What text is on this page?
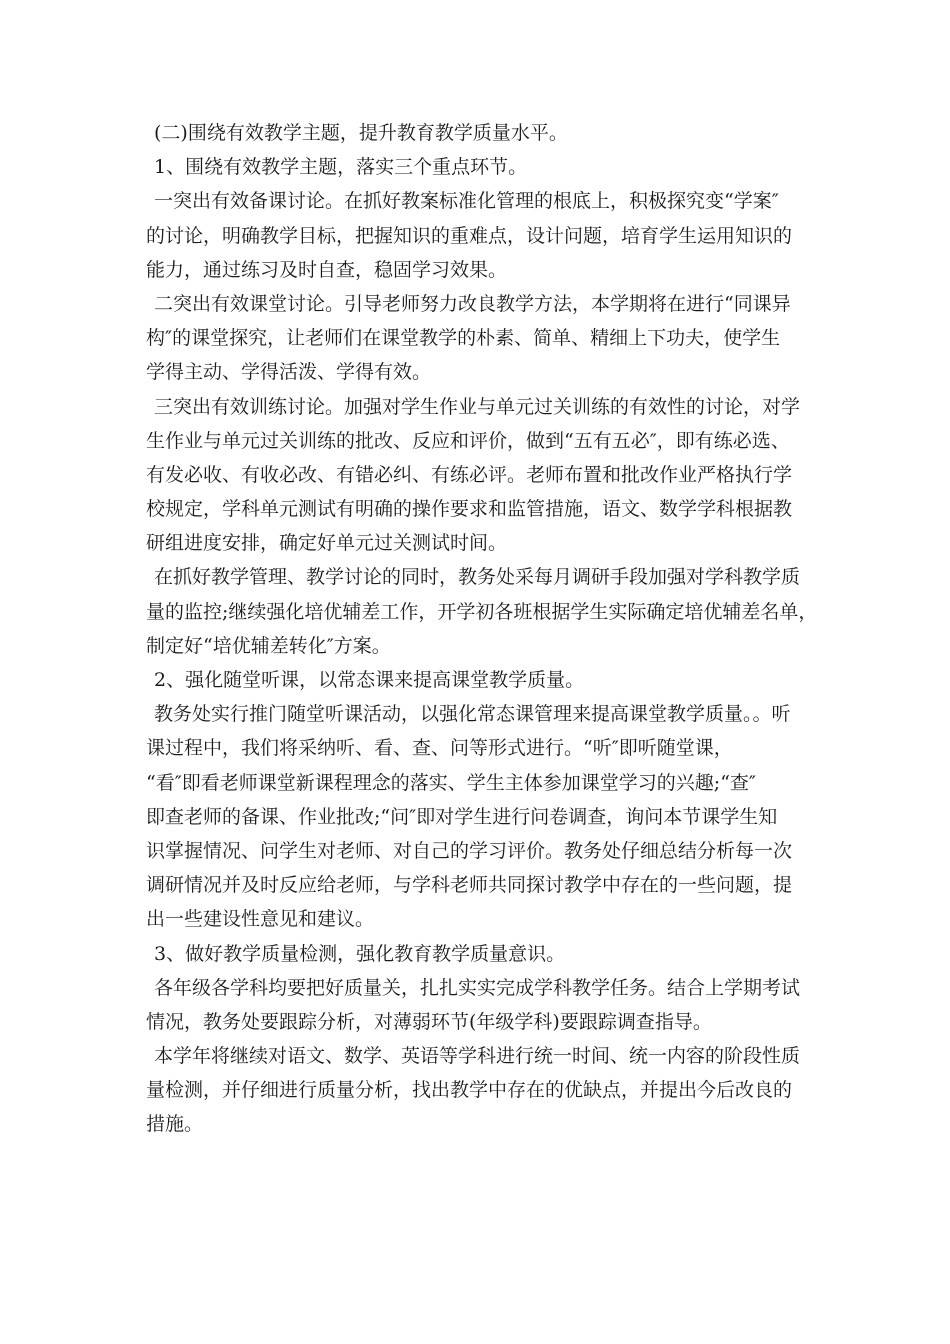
(二)围绕有效教学主题，提升教育教学质量水平。
1、围绕有效教学主题，落实三个重点环节。
一突出有效备课讨论。在抓好教案标准化管理的根底上，积极探究变“学案″
的讨论，明确教学目标，把握知识的重难点，设计问题，培育学生运用知识的
能力，通过练习及时自查，稳固学习效果。
二突出有效课堂讨论。引导老师努力改良教学方法，本学期将在进行“同课异
构″的课堂探究，让老师们在课堂教学的朴素、简单、精细上下功夫，使学生
学得主动、学得活泼、学得有效。
三突出有效训练讨论。加强对学生作业与单元过关训练的有效性的讨论，对学
生作业与单元过关训练的批改、反应和评价，做到“五有五必″，即有练必选、
有发必收、有收必改、有错必纠、有练必评。老师布置和批改作业严格执行学
校规定，学科单元测试有明确的操作要求和监管措施，语文、数学学科根据教
研组进度安排，确定好单元过关测试时间。
在抓好教学管理、教学讨论的同时，教务处采每月调研手段加强对学科教学质
量的监控;继续强化培优辅差工作，开学初各班根据学生实际确定培优辅差名单，
制定好“培优辅差转化″方案。
2、强化随堂听课，以常态课来提高课堂教学质量。
教务处实行推门随堂听课活动，以强化常态课管理来提高课堂教学质量。。听
课过程中，我们将采纳听、看、查、问等形式进行。“听″即听随堂课，
“看″即看老师课堂新课程理念的落实、学生主体参加课堂学习的兴趣;“查″
即查老师的备课、作业批改;“问″即对学生进行问卷调查，询问本节课学生知
识掌握情况、问学生对老师、对自己的学习评价。教务处仔细总结分析每一次
调研情况并及时反应给老师，与学科老师共同探讨教学中存在的一些问题，提
出一些建设性意见和建议。
3、做好教学质量检测，强化教育教学质量意识。
各年级各学科均要把好质量关，扎扎实实完成学科教学任务。结合上学期考试
情况，教务处要跟踪分析，对薄弱环节(年级学科)要跟踪调查指导。
本学年将继续对语文、数学、英语等学科进行统一时间、统一内容的阶段性质
量检测，并仔细进行质量分析，找出教学中存在的优缺点，并提出今后改良的
措施。
